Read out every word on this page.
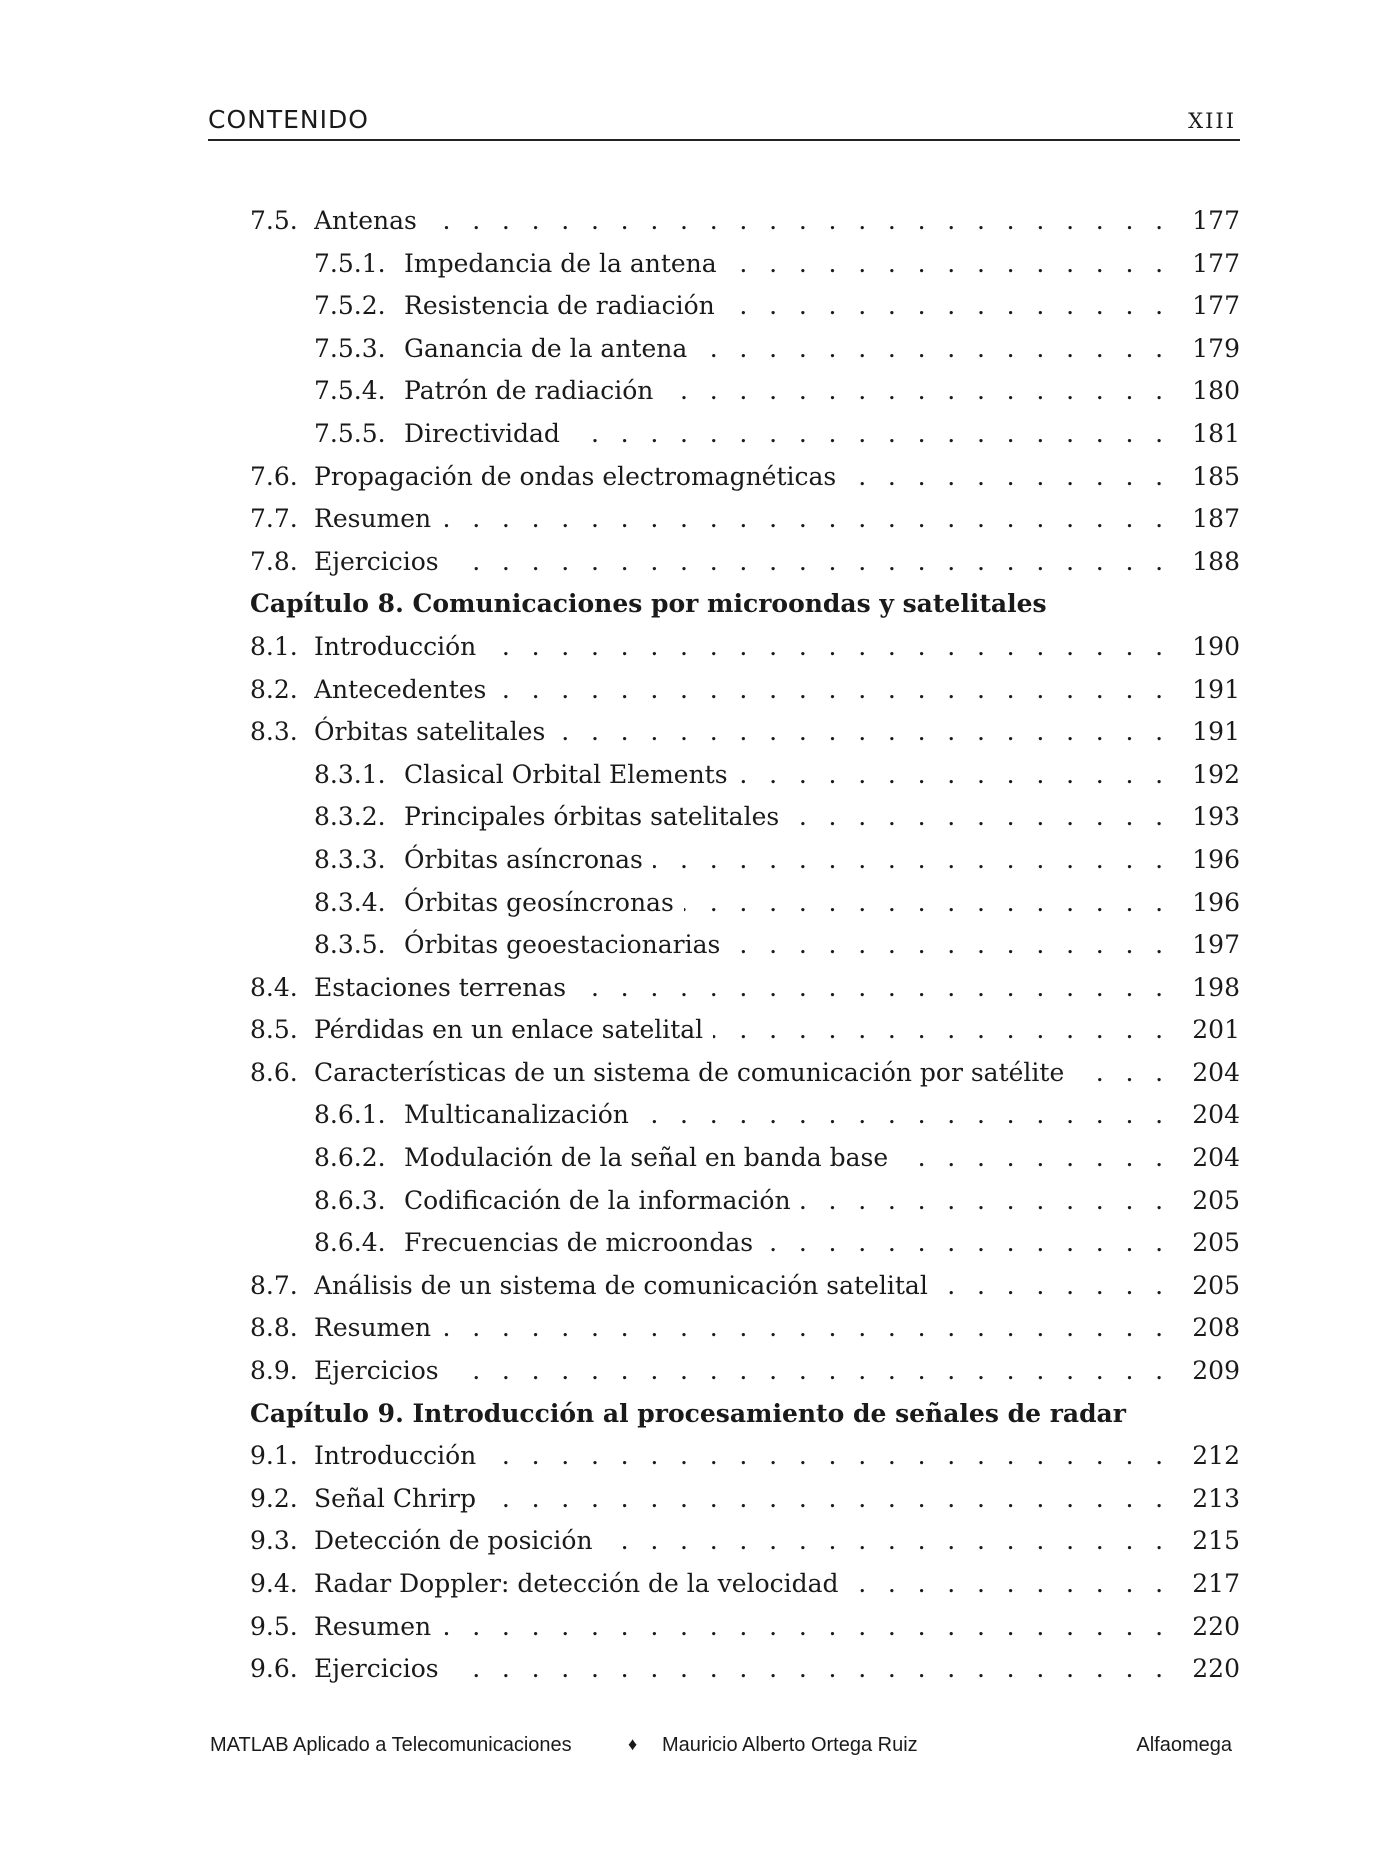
CONTENIDO	XIII
7.5. Antenas . . .	177
7.5.1. Impedancia de la antena . . .	177
7.5.2. Resistencia de radiación . . .	177
7.5.3. Ganancia de la antena . . .	179
7.5.4. Patrón de radiación . . .	180
7.5.5. Directividad . . .	181
7.6. Propagación de ondas electromagnéticas . . .	185
7.7. Resumen . . .	187
7.8. Ejercicios . . .	188
Capítulo 8. Comunicaciones por microondas y satelitales
8.1. Introducción . . .	190
8.2. Antecedentes . . .	191
8.3. Órbitas satelitales . . .	191
8.3.1. Clasical Orbital Elements . . .	192
8.3.2. Principales órbitas satelitales . . .	193
8.3.3. Órbitas asíncronas . . .	196
8.3.4. Órbitas geosíncronas . . .	196
8.3.5. Órbitas geoestacionarias . . .	197
8.4. Estaciones terrenas . . .	198
8.5. Pérdidas en un enlace satelital . . .	201
8.6. Características de un sistema de comunicación por satélite . . .	204
8.6.1. Multicanalización . . .	204
8.6.2. Modulación de la señal en banda base . . .	204
8.6.3. Codificación de la información . . .	205
8.6.4. Frecuencias de microondas . . .	205
8.7. Análisis de un sistema de comunicación satelital . . .	205
8.8. Resumen . . .	208
8.9. Ejercicios . . .	209
Capítulo 9. Introducción al procesamiento de señales de radar
9.1. Introducción . . .	212
9.2. Señal Chrirp . . .	213
9.3. Detección de posición . . .	215
9.4. Radar Doppler: detección de la velocidad . . .	217
9.5. Resumen . . .	220
9.6. Ejercicios . . .	220
MATLAB Aplicado a Telecomunicaciones	♦ Mauricio Alberto Ortega Ruiz	Alfaomega
